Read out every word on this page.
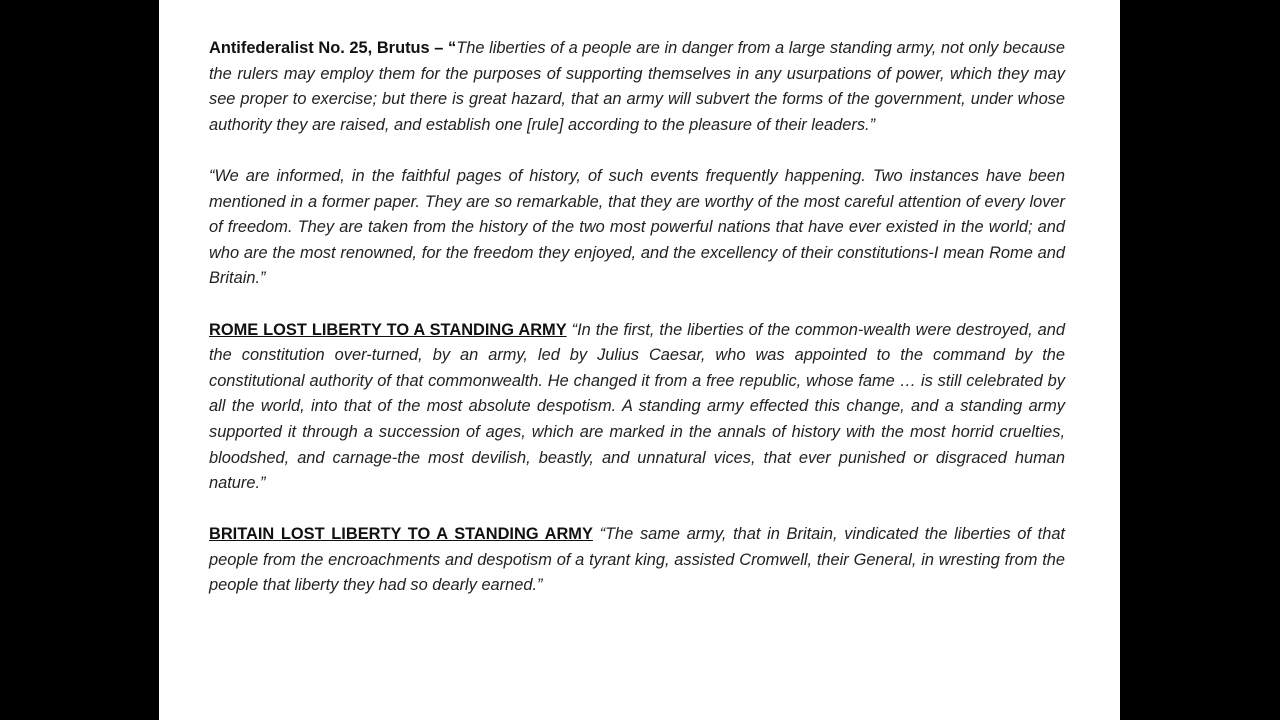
Antifederalist No. 25, Brutus – “The liberties of a people are in danger from a large standing army, not only because the rulers may employ them for the purposes of supporting themselves in any usurpations of power, which they may see proper to exercise; but there is great hazard, that an army will subvert the forms of the government, under whose authority they are raised, and establish one [rule] according to the pleasure of their leaders.”

“We are informed, in the faithful pages of history, of such events frequently happening. Two instances have been mentioned in a former paper. They are so remarkable, that they are worthy of the most careful attention of every lover of freedom. They are taken from the history of the two most powerful nations that have ever existed in the world; and who are the most renowned, for the freedom they enjoyed, and the excellency of their constitutions-I mean Rome and Britain.”

ROME LOST LIBERTY TO A STANDING ARMY “In the first, the liberties of the common-wealth were destroyed, and the constitution over-turned, by an army, led by Julius Caesar, who was appointed to the command by the constitutional authority of that commonwealth. He changed it from a free republic, whose fame … is still celebrated by all the world, into that of the most absolute despotism. A standing army effected this change, and a standing army supported it through a succession of ages, which are marked in the annals of history with the most horrid cruelties, bloodshed, and carnage-the most devilish, beastly, and unnatural vices, that ever punished or disgraced human nature.”

BRITAIN LOST LIBERTY TO A STANDING ARMY “The same army, that in Britain, vindicated the liberties of that people from the encroachments and despotism of a tyrant king, assisted Cromwell, their General, in wresting from the people that liberty they had so dearly earned.”
